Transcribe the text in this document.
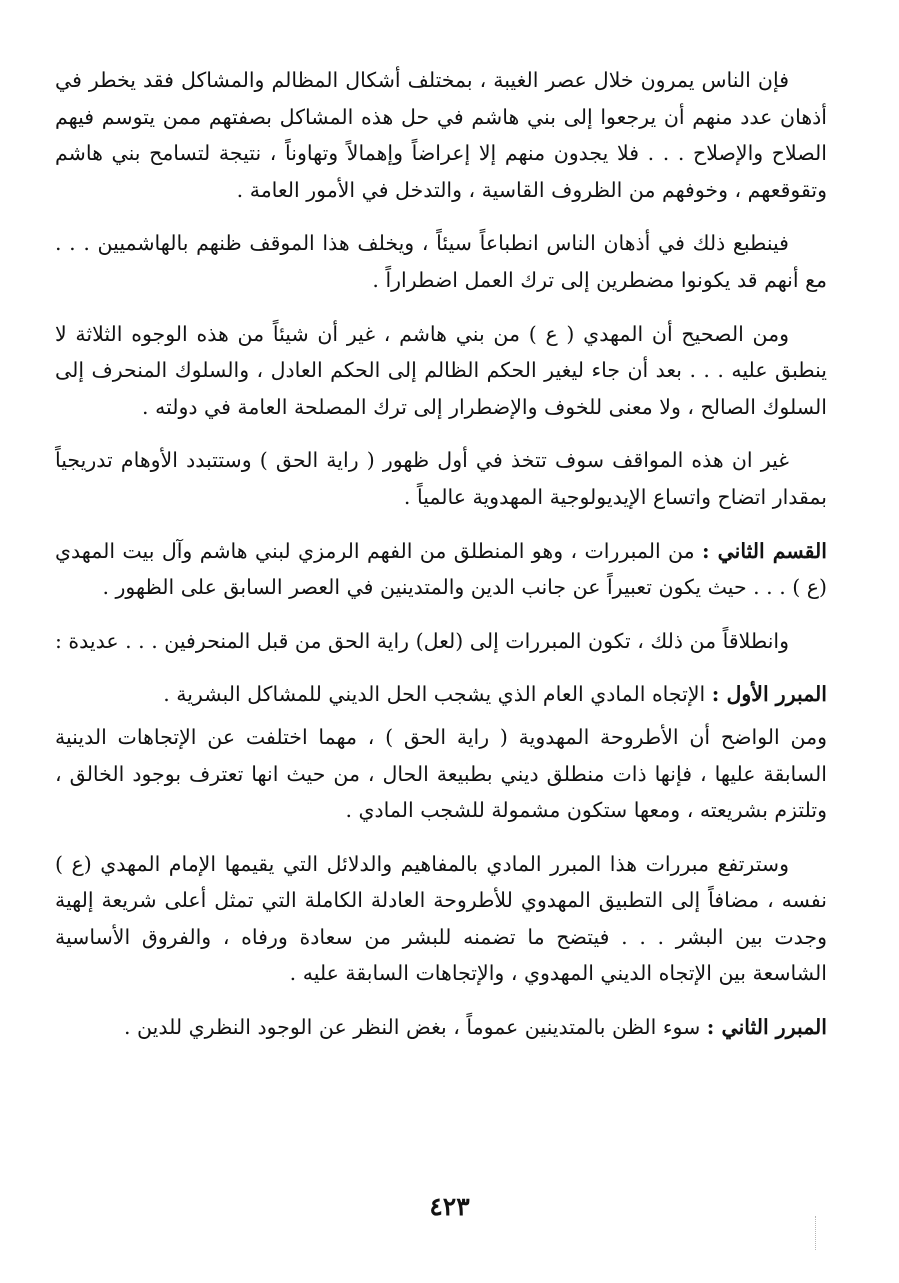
فإن الناس يمرون خلال عصر الغيبة ، بمختلف أشكال المظالم والمشاكل فقد يخطر في أذهان عدد منهم أن يرجعوا إلى بني هاشم في حل هذه المشاكل بصفتهم ممن يتوسم فيهم الصلاح والإصلاح . . . فلا يجدون منهم إلا إعراضاً وإهمالاً وتهاوناً ، نتيجة لتسامح بني هاشم وتقوقعهم ، وخوفهم من الظروف القاسية ، والتدخل في الأمور العامة .

فينطبع ذلك في أذهان الناس انطباعاً سيئاً ، ويخلف هذا الموقف ظنهم بالهاشميين . . . مع أنهم قد يكونوا مضطرين إلى ترك العمل اضطراراً .

ومن الصحيح أن المهدي ( ع ) من بني هاشم ، غير أن شيئاً من هذه الوجوه الثلاثة لا ينطبق عليه . . . بعد أن جاء ليغير الحكم الظالم إلى الحكم العادل ، والسلوك المنحرف إلى السلوك الصالح ، ولا معنى للخوف والإضطرار إلى ترك المصلحة العامة في دولته .

غير ان هذه المواقف سوف تتخذ في أول ظهور ( راية الحق ) وستتبدد الأوهام تدريجياً بمقدار اتضاح واتساع الإيديولوجية المهدوية عالمياً .

القسم الثاني : من المبررات ، وهو المنطلق من الفهم الرمزي لبني هاشم وآل بيت المهدي (ع ) . . . حيث يكون تعبيراً عن جانب الدين والمتدينين في العصر السابق على الظهور .

وانطلاقاً من ذلك ، تكون المبررات إلى (لعل) راية الحق من قبل المنحرفين . . . عديدة :

المبرر الأول : الإتجاه المادي العام الذي يشجب الحل الديني للمشاكل البشرية .

ومن الواضح أن الأطروحة المهدوية ( راية الحق ) ، مهما اختلفت عن الإتجاهات الدينية السابقة عليها ، فإنها ذات منطلق ديني بطبيعة الحال ، من حيث انها تعترف بوجود الخالق ، وتلتزم بشريعته ، ومعها ستكون مشمولة للشجب المادي .

وسترتفع مبررات هذا المبرر المادي بالمفاهيم والدلائل التي يقيمها الإمام المهدي (ع ) نفسه ، مضافاً إلى التطبيق المهدوي للأطروحة العادلة الكاملة التي تمثل أعلى شريعة إلهية وجدت بين البشر . . . فيتضح ما تضمنه للبشر من سعادة ورفاه ، والفروق الأساسية الشاسعة بين الإتجاه الديني المهدوي ، والإتجاهات السابقة عليه .

المبرر الثاني : سوء الظن بالمتدينين عموماً ، بغض النظر عن الوجود النظري للدين .

٤٢٣
